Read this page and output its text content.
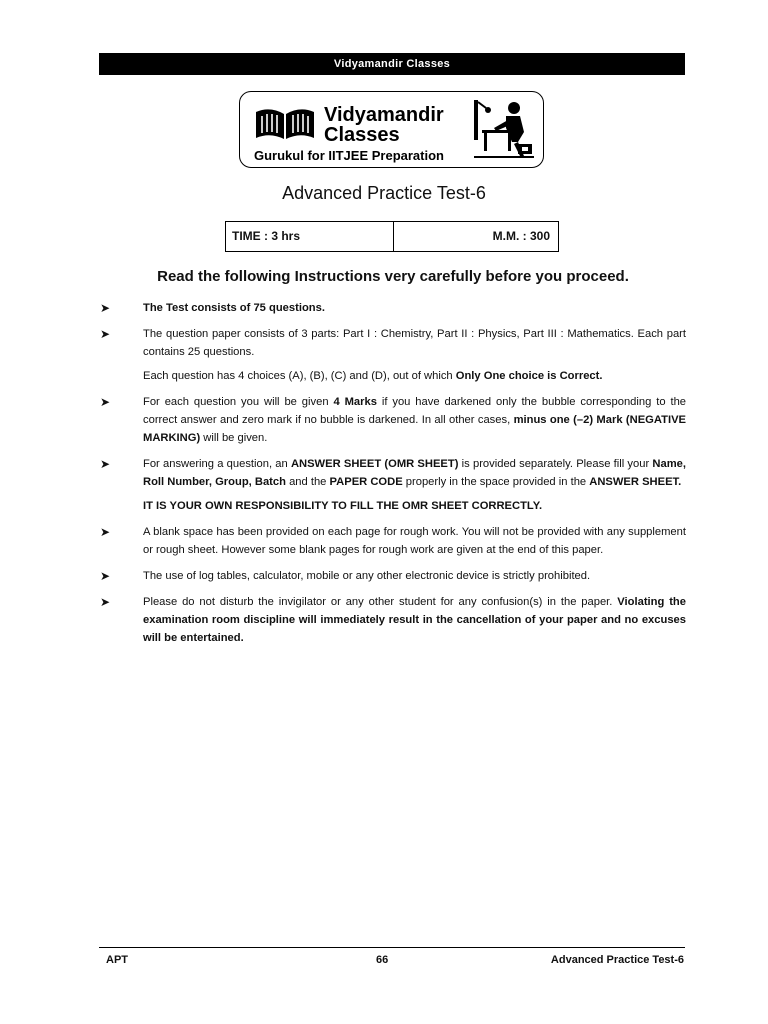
Vidyamandir Classes
Vidyamandir
Classes
Gurukul for IITJEE Preparation
Advanced Practice Test-6
TIME : 3 hrs	M.M. : 300
Read the following Instructions very carefully before you proceed.
➤	The Test consists of 75 questions.
➤	The question paper consists of 3 parts: Part I : Chemistry, Part II : Physics, Part III : Mathematics. Each part contains 25 questions.
Each question has 4 choices (A), (B), (C) and (D), out of which Only One choice is Correct.
➤	For each question you will be given 4 Marks if you have darkened only the bubble corresponding to the correct answer and zero mark if no bubble is darkened. In all other cases, minus one (–2) Mark (NEGATIVE MARKING) will be given.
➤	For answering a question, an ANSWER SHEET (OMR SHEET) is provided separately. Please fill your Name, Roll Number, Group, Batch and the PAPER CODE properly in the space provided in the ANSWER SHEET.
IT IS YOUR OWN RESPONSIBILITY TO FILL THE OMR SHEET CORRECTLY.
➤	A blank space has been provided on each page for rough work. You will not be provided with any supplement or rough sheet. However some blank pages for rough work are given at the end of this paper.
➤	The use of log tables, calculator, mobile or any other electronic device is strictly prohibited.
➤	Please do not disturb the invigilator or any other student for any confusion(s) in the paper. Violating the examination room discipline will immediately result in the cancellation of your paper and no excuses will be entertained.
APT	66	Advanced Practice Test-6
